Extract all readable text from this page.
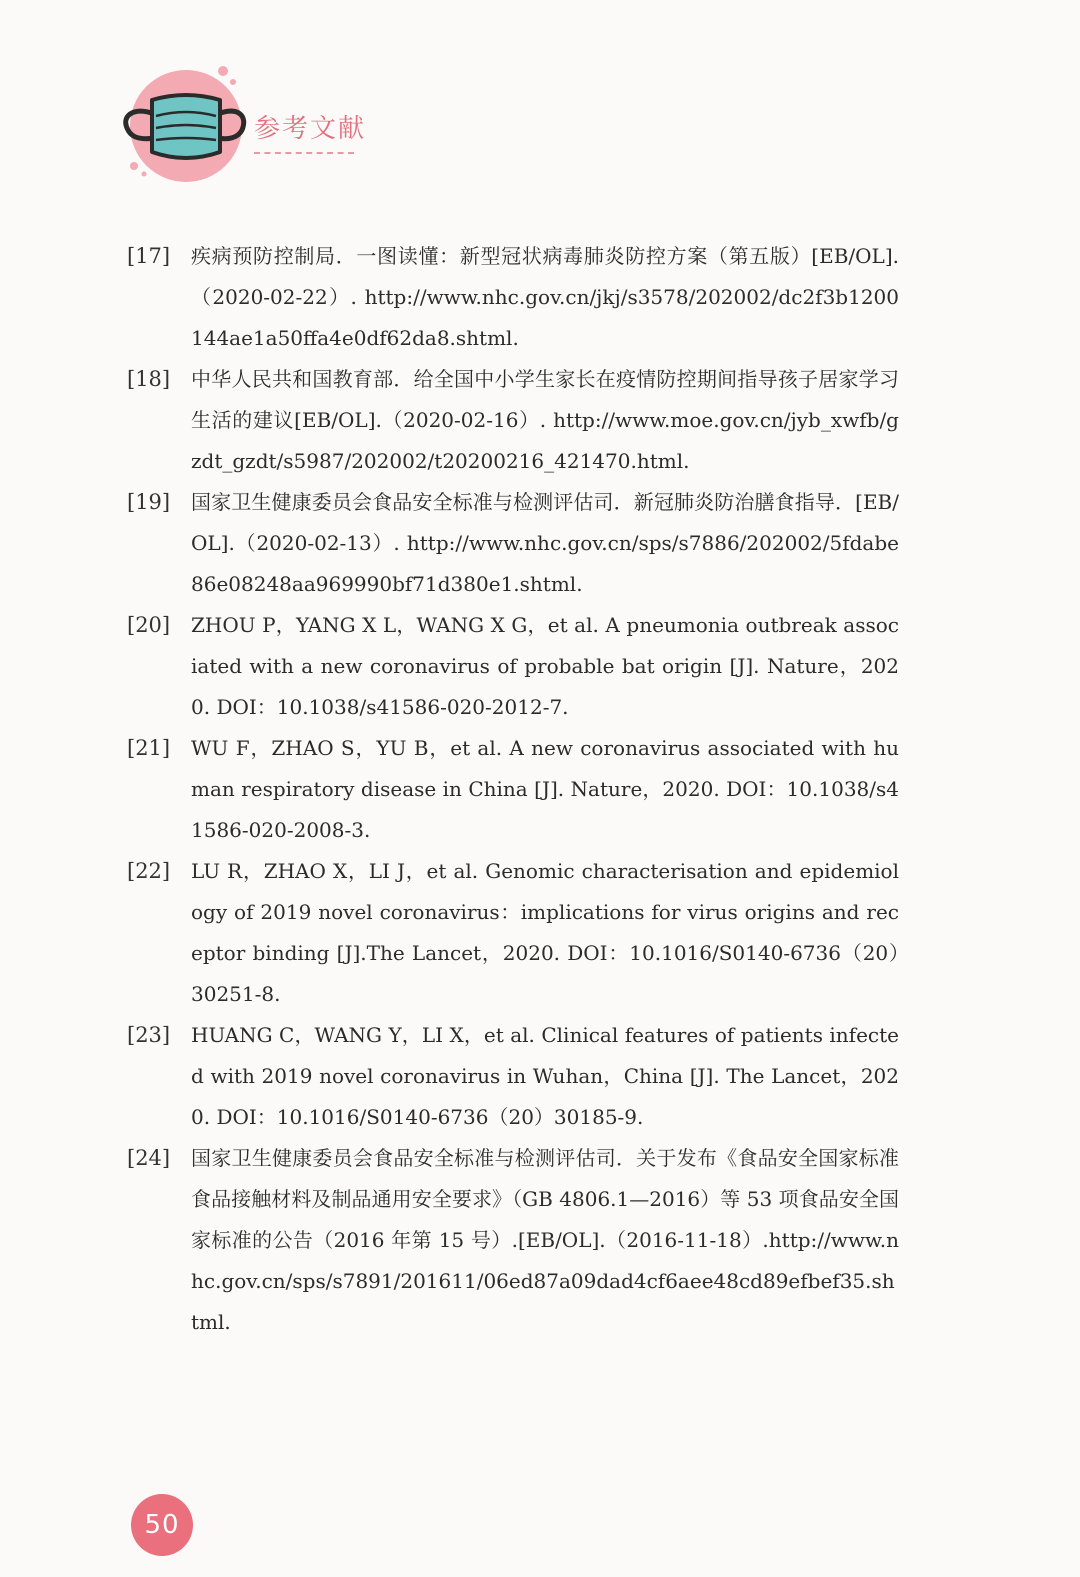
参考文献
[17]	疾病预防控制局．一图读懂：新型冠状病毒肺炎防控方案（第五版）[EB/OL].（2020-02-22）. http://www.nhc.gov.cn/jkj/s3578/202002/dc2f3b1200144ae1a50ffa4e0df62da8.shtml.
[18]	中华人民共和国教育部．给全国中小学生家长在疫情防控期间指导孩子居家学习生活的建议[EB/OL].（2020-02-16）. http://www.moe.gov.cn/jyb_xwfb/gzdt_gzdt/s5987/202002/t20200216_421470.html.
[19]	国家卫生健康委员会食品安全标准与检测评估司．新冠肺炎防治膳食指导．[EB/OL].（2020-02-13）. http://www.nhc.gov.cn/sps/s7886/202002/5fdabe86e08248aa969990bf71d380e1.shtml.
[20]	ZHOU P，YANG X L，WANG X G，et al. A pneumonia outbreak associated with a new coronavirus of probable bat origin [J]. Nature，2020. DOI：10.1038/s41586-020-2012-7.
[21]	WU F，ZHAO S，YU B，et al. A new coronavirus associated with human respiratory disease in China [J]. Nature，2020. DOI：10.1038/s41586-020-2008-3.
[22]	LU R，ZHAO X，LI J，et al. Genomic characterisation and epidemiology of 2019 novel coronavirus：implications for virus origins and receptor binding [J].The Lancet，2020. DOI：10.1016/S0140-6736（20）30251-8.
[23]	HUANG C，WANG Y，LI X，et al. Clinical features of patients infected with 2019 novel coronavirus in Wuhan，China [J]. The Lancet，2020. DOI：10.1016/S0140-6736（20）30185-9.
[24]	国家卫生健康委员会食品安全标准与检测评估司．关于发布《食品安全国家标准 食品接触材料及制品通用安全要求》（GB 4806.1—2016）等 53 项食品安全国家标准的公告（2016 年第 15 号）.[EB/OL].（2016-11-18）.http://www.nhc.gov.cn/sps/s7891/201611/06ed87a09dad4cf6aee48cd89efbef35.shtml.
50
